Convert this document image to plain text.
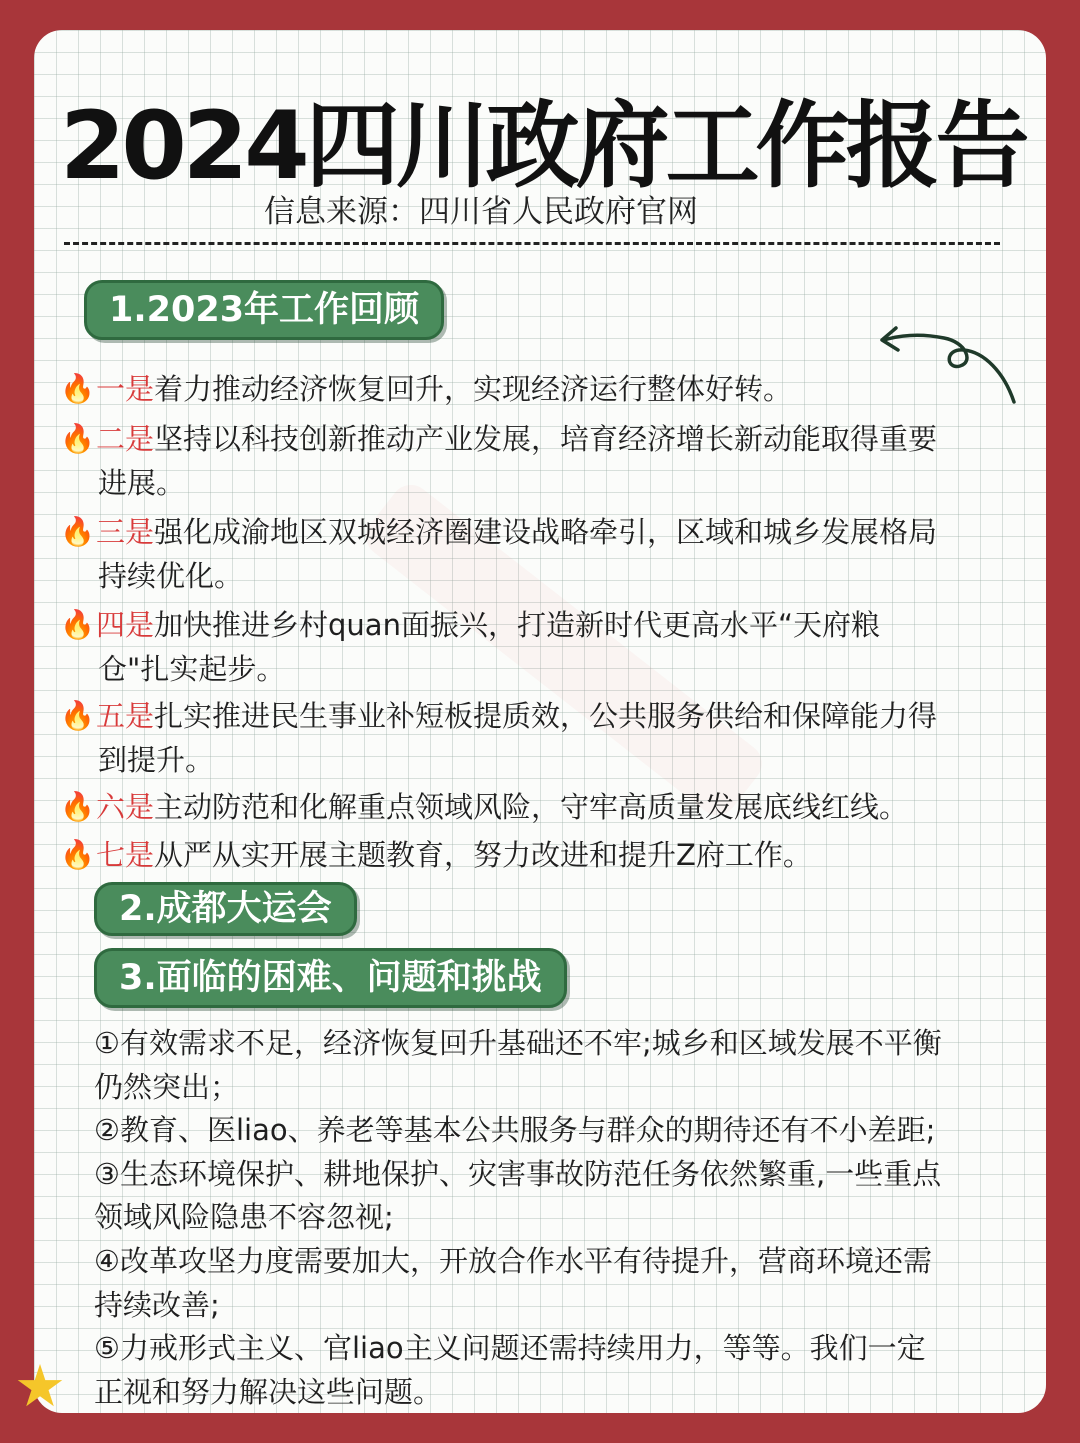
2024四川政府工作报告
信息来源：四川省人民政府官网
1.2023年工作回顾
🔥一是着力推动经济恢复回升，实现经济运行整体好转。
🔥二是坚持以科技创新推动产业发展，培育经济增长新动能取得重要
进展。
🔥三是强化成渝地区双城经济圈建设战略牵引，区域和城乡发展格局
持续优化。
🔥四是加快推进乡村quan面振兴，打造新时代更高水平“天府粮
仓"扎实起步。
🔥五是扎实推进民生事业补短板提质效，公共服务供给和保障能力得
到提升。
🔥六是主动防范和化解重点领域风险，守牢高质量发展底线红线。
🔥七是从严从实开展主题教育，努力改进和提升Z府工作。
2.成都大运会
3.面临的困难、问题和挑战

①有效需求不足，经济恢复回升基础还不牢;城乡和区域发展不平衡

仍然突出；

②教育、医liao、养老等基本公共服务与群众的期待还有不小差距;

③生态环境保护、耕地保护、灾害事故防范任务依然繁重,一些重点

领域风险隐患不容忽视;

④改革攻坚力度需要加大，开放合作水平有待提升，营商环境还需

持续改善;

⑤力戒形式主义、官liao主义问题还需持续用力，等等。我们一定

正视和努力解决这些问题。

★
